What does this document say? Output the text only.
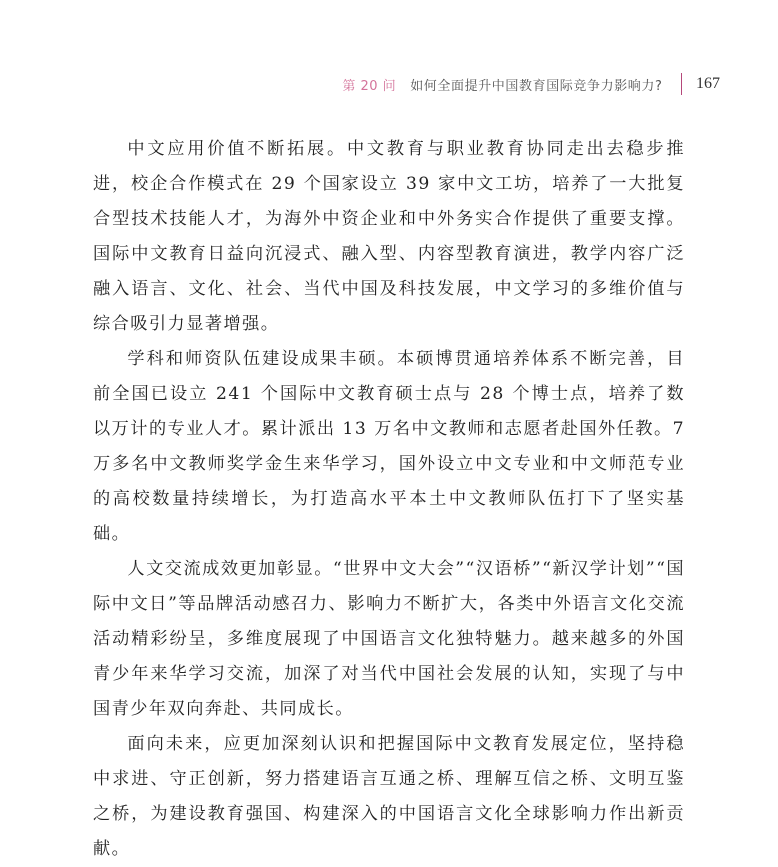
第 20 问 如何全面提升中国教育国际竞争力影响力? 167

中文应用价值不断拓展。中文教育与职业教育协同走出去稳步推进，校企合作模式在 29 个国家设立 39 家中文工坊，培养了一大批复合型技术技能人才，为海外中资企业和中外务实合作提供了重要支撑。国际中文教育日益向沉浸式、融入型、内容型教育演进，教学内容广泛融入语言、文化、社会、当代中国及科技发展，中文学习的多维价值与综合吸引力显著增强。

学科和师资队伍建设成果丰硕。本硕博贯通培养体系不断完善，目前全国已设立 241 个国际中文教育硕士点与 28 个博士点，培养了数以万计的专业人才。累计派出 13 万名中文教师和志愿者赴国外任教。7 万多名中文教师奖学金生来华学习，国外设立中文专业和中文师范专业的高校数量持续增长，为打造高水平本土中文教师队伍打下了坚实基础。

人文交流成效更加彰显。“世界中文大会”“汉语桥”“新汉学计划”“国际中文日”等品牌活动感召力、影响力不断扩大，各类中外语言文化交流活动精彩纷呈，多维度展现了中国语言文化独特魅力。越来越多的外国青少年来华学习交流，加深了对当代中国社会发展的认知，实现了与中国青少年双向奔赴、共同成长。

面向未来，应更加深刻认识和把握国际中文教育发展定位，坚持稳中求进、守正创新，努力搭建语言互通之桥、理解互信之桥、文明互鉴之桥，为建设教育强国、构建深入的中国语言文化全球影响力作出新贡献。
